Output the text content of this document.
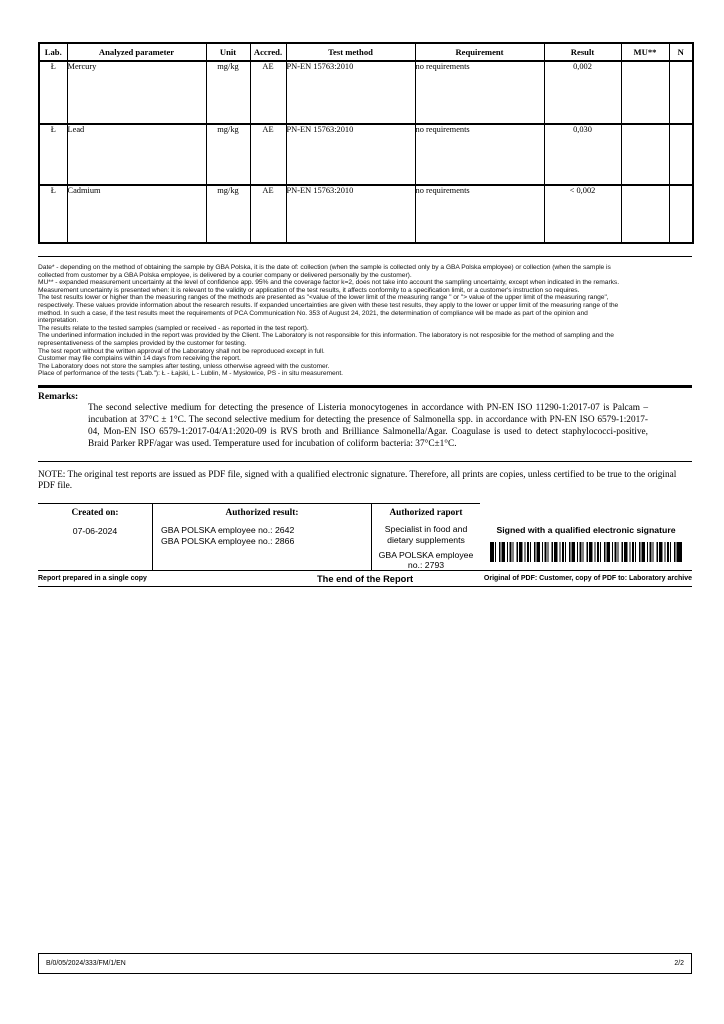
Lab.	Analyzed parameter	Unit	Accred.	Test method	Requirement	Result	MU**	N
Ł	Mercury	mg/kg	AE	PN-EN 15763:2010	no requirements	0,002		
Ł	Lead	mg/kg	AE	PN-EN 15763:2010	no requirements	0,030		
Ł	Cadmium	mg/kg	AE	PN-EN 15763:2010	no requirements	< 0,002		
Date* - depending on the method of obtaining the sample by GBA Polska, it is the date of: collection (when the sample is collected only by a GBA Polska employee) or collection (when the sample is
collected from customer by a GBA Polska employee, is delivered by a courier company or delivered personally by the customer).
MU** - expanded measurement uncertainty at the level of confidence app. 95% and the coverage factor k=2, does not take into account the sampling uncertainty, except when indicated in the remarks.
Measurement uncertainty is presented when: it is relevant to the validity or application of the test results, it affects conformity to a specification limit, or a customer's instruction so requires.
The test results lower or higher than the measuring ranges of the methods are presented as "<value of the lower limit of the measuring range " or "> value of the upper limit of the measuring range",
respectively. These values provide information about the research results. If expanded uncertainties are given with these test results, they apply to the lower or upper limit of the measuring range of the
method. In such a case, if the test results meet the requirements of PCA Communication No. 353 of August 24, 2021, the determination of compliance will be made as part of the opinion and
interpretation.
The results relate to the tested samples (sampled or received - as reported in the test report).
The underlined information included in the report was provided by the Client. The Laboratory is not responsible for this information. The laboratory is not resposible for the method of sampling and the
representativeness of the samples provided by the customer for testing.
The test report without the written approval of the Laboratory shall not be reproduced except in full.
Customer may file complains within 14 days from receiving the report.
The Laboratory does not store the samples after testing, unless otherwise agreed with the customer.
Place of performance of the tests ("Lab."): Ł - Łajski, L - Lublin, M - Mysłowice, PS - in situ measurement.
Remarks:
The second selective medium for detecting the presence of Listeria monocytogenes in accordance with PN-EN ISO 11290-1:2017-07 is Palcam – incubation at 37°C ± 1°C. The second selective medium for detecting the presence of Salmonella spp. in accordance with PN-EN ISO 6579-1:2017-04, Mon-EN ISO 6579-1:2017-04/A1:2020-09 is RVS broth and Brilliance Salmonella/Agar. Coagulase is used to detect staphylococci-positive, Braid Parker RPF/agar was used. Temperature used for incubation of coliform bacteria: 37°C±1°C.
NOTE: The original test reports are issued as PDF file, signed with a qualified electronic signature. Therefore, all prints are copies, unless certified to be true to the original PDF file.
Created on:
07-06-2024
Authorized result:
GBA POLSKA employee no.: 2642
GBA POLSKA employee no.: 2866
Authorized raport
Specialist in food and dietary supplements
GBA POLSKA employee no.: 2793
Signed with a qualified electronic signature
Report prepared in a single copy	The end of the Report	Original of PDF: Customer, copy of PDF to: Laboratory archive
B/0/05/2024/333/FM/1/EN	2/2
